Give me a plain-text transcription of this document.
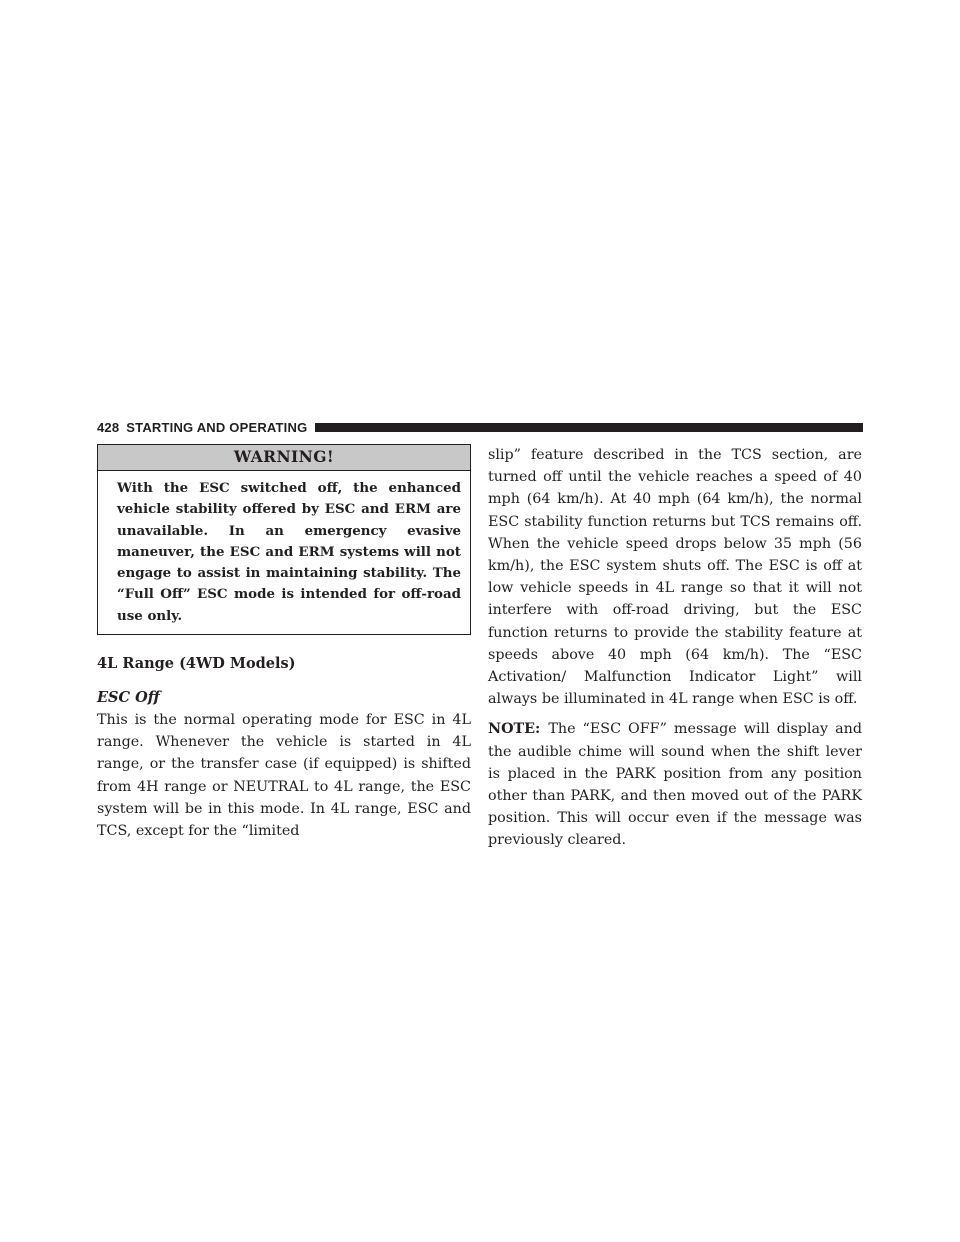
428 STARTING AND OPERATING
WARNING!

With the ESC switched off, the enhanced vehicle stability offered by ESC and ERM are unavailable. In an emergency evasive maneuver, the ESC and ERM systems will not engage to assist in maintaining stability. The “Full Off” ESC mode is intended for off-road use only.

4L Range (4WD Models)
ESC Off

This is the normal operating mode for ESC in 4L range. Whenever the vehicle is started in 4L range, or the transfer case (if equipped) is shifted from 4H range or NEUTRAL to 4L range, the ESC system will be in this mode. In 4L range, ESC and TCS, except for the “limited

slip” feature described in the TCS section, are turned off until the vehicle reaches a speed of 40 mph (64 km/h). At 40 mph (64 km/h), the normal ESC stability function returns but TCS remains off. When the vehicle speed drops below 35 mph (56 km/h), the ESC system shuts off. The ESC is off at low vehicle speeds in 4L range so that it will not interfere with off-road driving, but the ESC function returns to provide the stability feature at speeds above 40 mph (64 km/h). The “ESC Activation/ Malfunction Indicator Light” will always be illuminated in 4L range when ESC is off.

NOTE: The “ESC OFF” message will display and the audible chime will sound when the shift lever is placed in the PARK position from any position other than PARK, and then moved out of the PARK position. This will occur even if the message was previously cleared.
